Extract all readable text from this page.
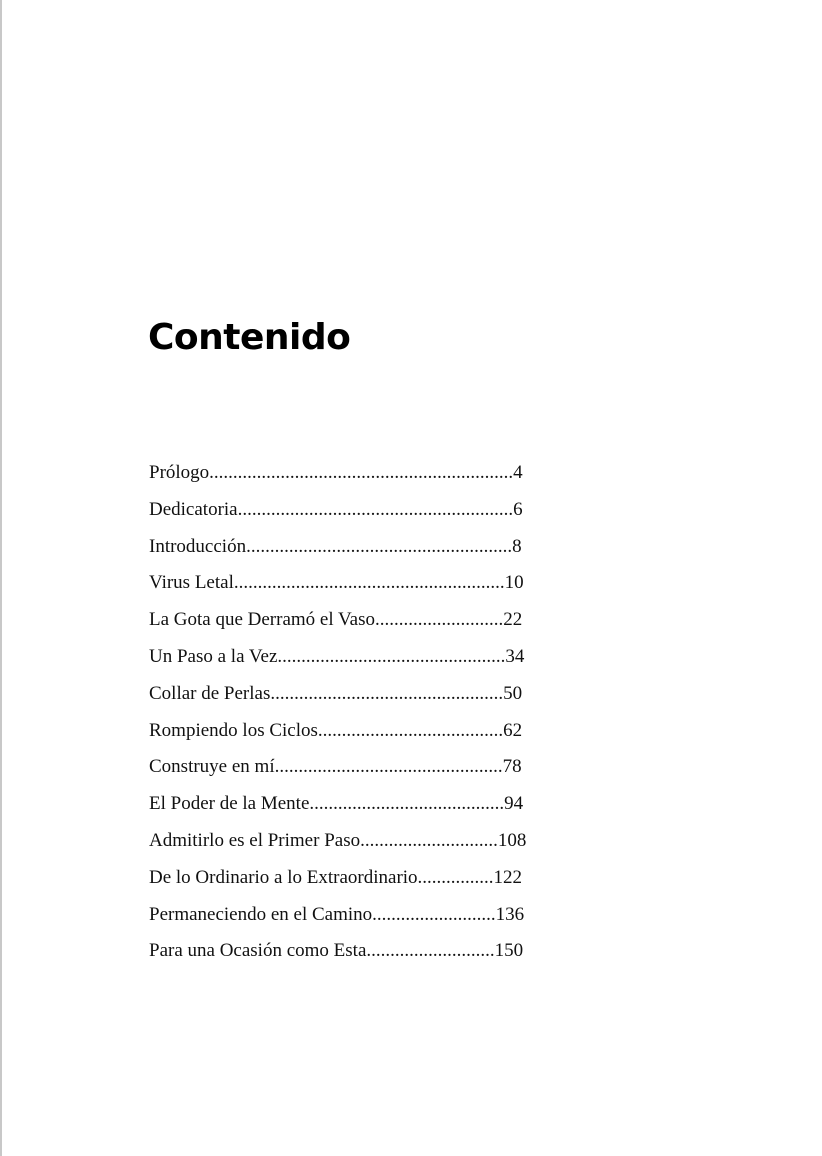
Contenido
Prólogo................................................................4
Dedicatoria..........................................................6
Introducción........................................................8
Virus Letal.........................................................10
La Gota que Derramó el Vaso...........................22
Un Paso a la Vez................................................34
Collar de Perlas.................................................50
Rompiendo los Ciclos.......................................62
Construye en mí................................................78
El Poder de la Mente.........................................94
Admitirlo es el Primer Paso.............................108
De lo Ordinario a lo Extraordinario................122
Permaneciendo en el Camino..........................136
Para una Ocasión como Esta...........................150
